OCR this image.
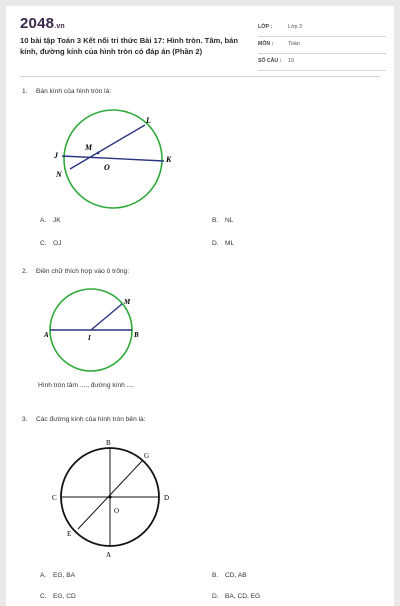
2048.vn
10 bài tập Toán 3 Kết nối tri thức Bài 17: Hình tròn. Tâm, bán kính, đường kính của hình tròn có đáp án (Phần 2)
LỚP :	Lớp 3
MÔN :	Toán
SỐ CÂU : 10
1. Bán kính của hình tròn là:
L
M
J
O
K
N
A. JK	B. NL
C. OJ	D. ML
2. Điền chữ thích hợp vào ô trống:
M
A	I	B
Hình tròn tâm ...., đường kính ....
3. Các đường kính của hình tròn bên là:
B
G
C	D
O
E
A
A. EG, BA	B. CD, AB
C. EG, CD	D. BA, CD, EG
